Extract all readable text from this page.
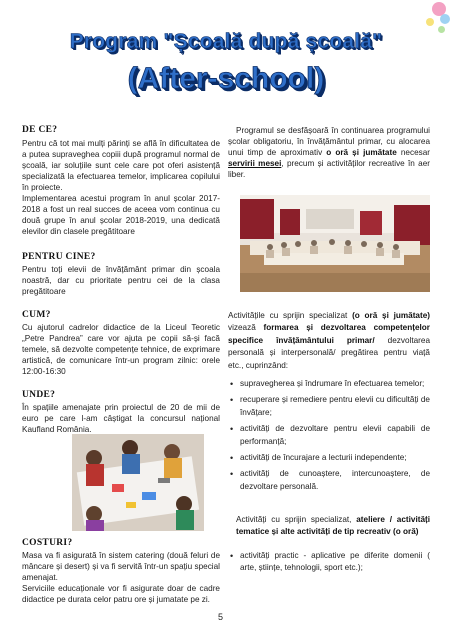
Program "Școală după școală"
(After-school)
DE CE?
Pentru că tot mai mulți părinți se află în dificultatea de a putea supraveghea copiii după programul normal de școală, iar soluțiile sunt cele care pot oferi asistență specializată la efectuarea temelor, implicarea copilului în proiecte.
Implementarea acestui program în anul școlar 2017-2018 a fost un real succes de aceea vom continua cu două grupe în anul școlar 2018-2019, una dedicată elevilor din clasele pregătitoare
Programul se desfășoară în continuarea programului școlar obligatoriu, în învățământul primar, cu alocarea unui timp de aproximativ o oră și jumătate necesar servirii mesei, precum și activităților recreative în aer liber.
PENTRU CINE?
Pentru toți elevii de învățământ primar din școala noastră, dar cu prioritate pentru cei de la clasa pregătitoare
CUM?
Cu ajutorul cadrelor didactice de la Liceul Teoretic „Petre Pandrea” care vor ajuta pe copii să-și facă temele, să dezvolte competențe tehnice, de exprimare artistică, de comunicare într-un program zilnic: orele 12:00-16:30
UNDE?
În spațiile amenajate prin proiectul de 20 de mii de euro pe care l-am câștigat la concursul național Kaufland România.
Activitățile cu sprijin specializat (o oră și jumătate) vizează formarea și dezvoltarea competențelor specifice învățământului primar/ dezvoltarea personală și interpersonală/ pregătirea pentru viață etc., cuprinzând:
• supravegherea și îndrumare în efectuarea temelor;
• recuperare și remediere pentru elevii cu dificultăți de învățare;
• activități de dezvoltare pentru elevii capabili de performanță;
• activități de încurajare a lecturii independente;
• activități de cunoaștere, intercunoaștere, de dezvoltare personală.
Activități cu sprijin specializat, ateliere / activități tematice și alte activități de tip recreativ (o oră)
• activități practic - aplicative pe diferite domenii ( arte, științe, tehnologii, sport etc.);
COSTURI?
Masa va fi asigurată în sistem catering (două feluri de mâncare și desert) și va fi servită într-un spațiu special amenajat.
Serviciile educaționale vor fi asigurate doar de cadre didactice pe durata celor patru ore și jumatate pe zi.
5
